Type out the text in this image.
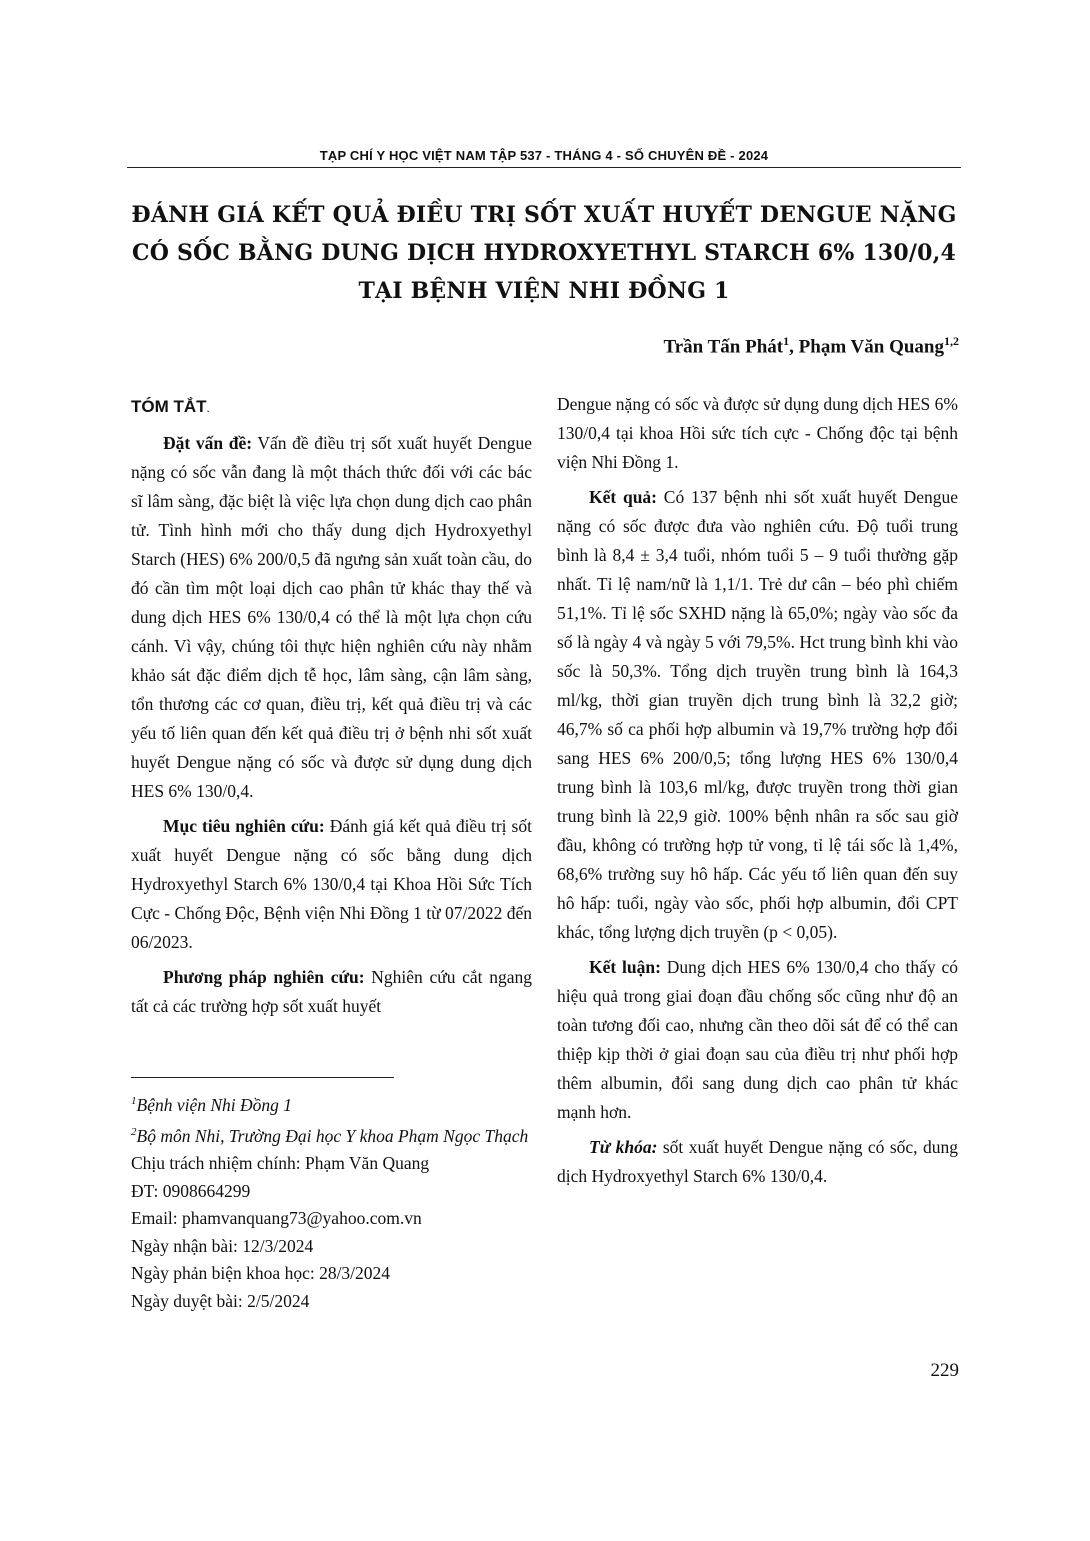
TẠP CHÍ Y HỌC VIỆT NAM TẬP 537 - THÁNG 4 - SỐ CHUYÊN ĐỀ - 2024
ĐÁNH GIÁ KẾT QUẢ ĐIỀU TRỊ SỐT XUẤT HUYẾT DENGUE NẶNG
CÓ SỐC BẰNG DUNG DỊCH HYDROXYETHYL STARCH 6% 130/0,4
TẠI BỆNH VIỆN NHI ĐỒNG 1
Trần Tấn Phát$^1$, Phạm Văn Quang$^{1,2}$
TÓM TẮT.

Đặt vấn đề: Vấn đề điều trị sốt xuất huyết Dengue nặng có sốc vẫn đang là một thách thức đối với các bác sĩ lâm sàng, đặc biệt là việc lựa chọn dung dịch cao phân tử. Tình hình mới cho thấy dung dịch Hydroxyethyl Starch (HES) 6% 200/0,5 đã ngưng sản xuất toàn cầu, do đó cần tìm một loại dịch cao phân tử khác thay thế và dung dịch HES 6% 130/0,4 có thể là một lựa chọn cứu cánh. Vì vậy, chúng tôi thực hiện nghiên cứu này nhằm khảo sát đặc điểm dịch tễ học, lâm sàng, cận lâm sàng, tổn thương các cơ quan, điều trị, kết quả điều trị và các yếu tố liên quan đến kết quả điều trị ở bệnh nhi sốt xuất huyết Dengue nặng có sốc và được sử dụng dung dịch HES 6% 130/0,4.

Mục tiêu nghiên cứu: Đánh giá kết quả điều trị sốt xuất huyết Dengue nặng có sốc bằng dung dịch Hydroxyethyl Starch 6% 130/0,4 tại Khoa Hồi Sức Tích Cực - Chống Độc, Bệnh viện Nhi Đồng 1 từ 07/2022 đến 06/2023.

Phương pháp nghiên cứu: Nghiên cứu cắt ngang tất cả các trường hợp sốt xuất huyết

$^1$Bệnh viện Nhi Đồng 1
$^2$Bộ môn Nhi, Trường Đại học Y khoa Phạm Ngọc Thạch
Chịu trách nhiệm chính: Phạm Văn Quang
ĐT: 0908664299
Email: phamvanquang73@yahoo.com.vn
Ngày nhận bài: 12/3/2024
Ngày phản biện khoa học: 28/3/2024
Ngày duyệt bài: 2/5/2024

Dengue nặng có sốc và được sử dụng dung dịch HES 6% 130/0,4 tại khoa Hồi sức tích cực - Chống độc tại bệnh viện Nhi Đồng 1.

Kết quả: Có 137 bệnh nhi sốt xuất huyết Dengue nặng có sốc được đưa vào nghiên cứu. Độ tuổi trung bình là 8,4 ± 3,4 tuổi, nhóm tuổi 5 – 9 tuổi thường gặp nhất. Tỉ lệ nam/nữ là 1,1/1. Trẻ dư cân – béo phì chiếm 51,1%. Tỉ lệ sốc SXHD nặng là 65,0%; ngày vào sốc đa số là ngày 4 và ngày 5 với 79,5%. Hct trung bình khi vào sốc là 50,3%. Tổng dịch truyền trung bình là 164,3 ml/kg, thời gian truyền dịch trung bình là 32,2 giờ; 46,7% số ca phối hợp albumin và 19,7% trường hợp đổi sang HES 6% 200/0,5; tổng lượng HES 6% 130/0,4 trung bình là 103,6 ml/kg, được truyền trong thời gian trung bình là 22,9 giờ. 100% bệnh nhân ra sốc sau giờ đầu, không có trường hợp tử vong, tỉ lệ tái sốc là 1,4%, 68,6% trường suy hô hấp. Các yếu tố liên quan đến suy hô hấp: tuổi, ngày vào sốc, phối hợp albumin, đổi CPT khác, tổng lượng dịch truyền (p < 0,05).

Kết luận: Dung dịch HES 6% 130/0,4 cho thấy có hiệu quả trong giai đoạn đầu chống sốc cũng như độ an toàn tương đối cao, nhưng cần theo dõi sát để có thể can thiệp kịp thời ở giai đoạn sau của điều trị như phối hợp thêm albumin, đổi sang dung dịch cao phân tử khác mạnh hơn.

Từ khóa: sốt xuất huyết Dengue nặng có sốc, dung dịch Hydroxyethyl Starch 6% 130/0,4.

229
